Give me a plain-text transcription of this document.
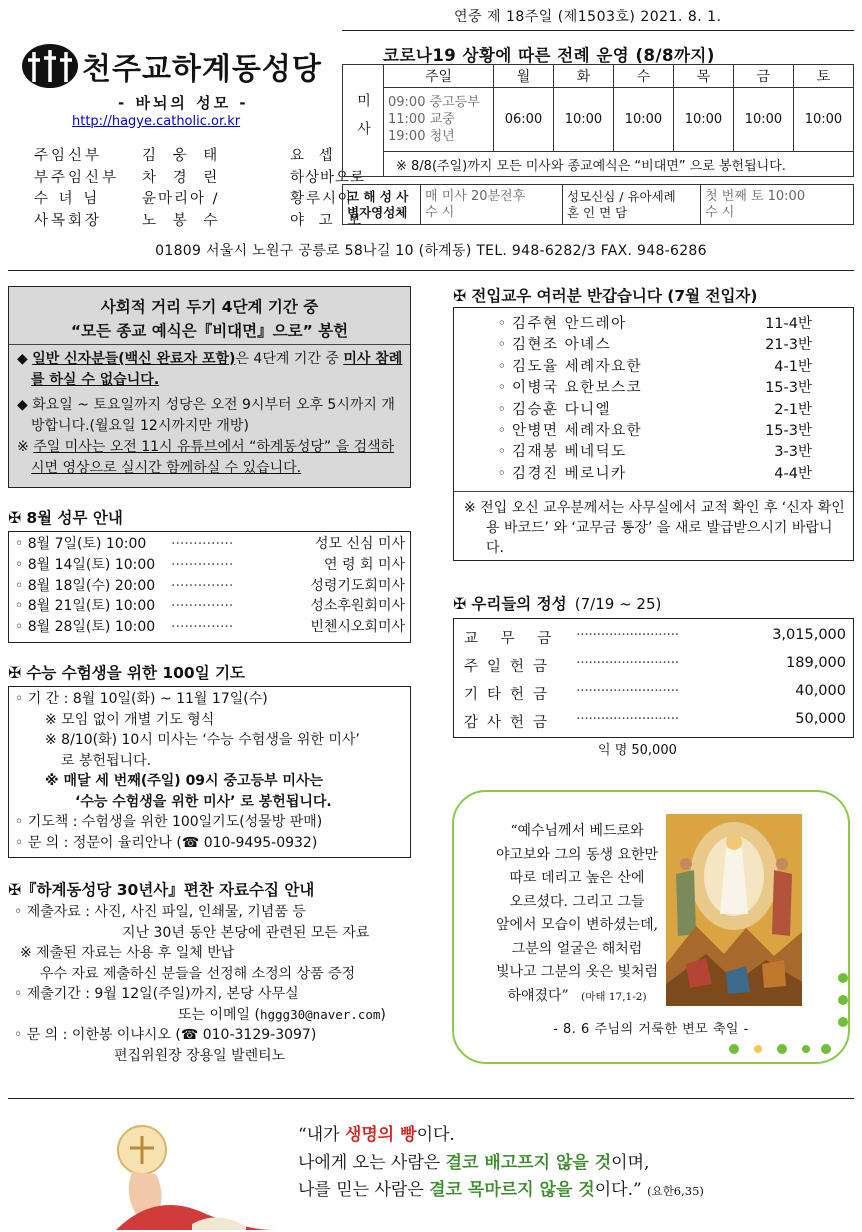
연중 제 18주일 (제1503호) 2021. 8. 1.
천주교하계동성당
- 바뇌의 성모 -
http://hagye.catholic.or.kr
주임신부	김 웅 태	요 셉
부주임신부	차 경 린	하상바오로
수 녀 님	윤마리아 /	황루시아
사목회장	노 봉 수	야 고 보
코로나19 상황에 따른 전례 운영 (8/8까지)
미사	주일	월	화	수	목	금	토

	09:00 중고등부
11:00 교중
19:00 청년	06:00	10:00	10:00	10:00	10:00	10:00
	※ 8/8(주일)까지 모든 미사와 종교예식은 “비대면” 으로 봉헌됩니다.						
고 해 성 사
병자영성체

매 미사 20분전후
수 시

성모신심 / 유아세례
혼 인 면 담

첫 번째 토 10:00
수 시
01809 서울시 노원구 공릉로 58나길 10 (하계동) TEL. 948-6282/3 FAX. 948-6286
사회적 거리 두기 4단계 기간 중
“모든 종교 예식은『비대면』으로” 봉헌

◆ 일반 신자분들(백신 완료자 포함)은 4단계 기간 중 미사 참례를 하실 수 없습니다.

◆ 화요일 ~ 토요일까지 성당은 오전 9시부터 오후 5시까지 개방합니다.(월요일 12시까지만 개방)

※ 주일 미사는 오전 11시 유튜브에서 “하계동성당” 을 검색하시면 영상으로 실시간 함께하실 수 있습니다.

✠ 8월 성무 안내
◦ 8월 7일(토) 10:00	··············	성모 신심 미사
◦ 8월 14일(토) 10:00	··············	연 령 회 미사
◦ 8월 18일(수) 20:00	··············	성령기도회미사
◦ 8월 21일(토) 10:00	··············	성소후원회미사
◦ 8월 28일(토) 10:00	··············	빈첸시오회미사
✠ 수능 수험생을 위한 100일 기도
◦ 기 간 : 8월 10일(화) ~ 11월 17일(수)
※ 모임 없이 개별 기도 형식
※ 8/10(화) 10시 미사는 ‘수능 수험생을 위한 미사’
로 봉헌됩니다.
※ 매달 세 번째(주일) 09시 중고등부 미사는
‘수능 수험생을 위한 미사’ 로 봉헌됩니다.
◦ 기도책 : 수험생을 위한 100일기도(성물방 판매)
◦ 문 의 : 정문이 율리안나 (☎ 010-9495-0932)
✠『하계동성당 30년사』편찬 자료수집 안내
◦ 제출자료 : 사진, 사진 파일, 인쇄물, 기념품 등
지난 30년 동안 본당에 관련된 모든 자료
※ 제출된 자료는 사용 후 일체 반납
우수 자료 제출하신 분들을 선정해 소정의 상품 증정
◦ 제출기간 : 9월 12일(주일)까지, 본당 사무실
또는 이메일 (hggg30@naver.com)
◦ 문 의 : 이한봉 이냐시오 (☎ 010-3129-3097)
편집위원장 장용일 발렌티노
✠ 전입교우 여러분 반갑습니다 (7월 전입자)
◦ 김주현 안드레아	11-4반
◦ 김현조 아녜스	21-3반
◦ 김도율 세례자요한	4-1반
◦ 이병국 요한보스코	15-3반
◦ 김승훈 다니엘	2-1반
◦ 안병면 세례자요한	15-3반
◦ 김재봉 베네딕도	3-3반
◦ 김경진 베로니카	4-4반
※ 전입 오신 교우분께서는 사무실에서 교적 확인 후 ‘신자 확인용 바코드’ 와 ‘교무금 통장’ 을 새로 발급받으시기 바랍니다.
✠ 우리들의 정성 (7/19 ~ 25)
교 무 금	·························	3,015,000
주일헌금	·························	189,000
기타헌금	·························	40,000
감사헌금	·························	50,000
익 명 50,000
“예수님께서 베드로와
야고보와 그의 동생 요한만
따로 데리고 높은 산에
오르셨다. 그리고 그들
앞에서 모습이 변하셨는데,
그분의 얼굴은 해처럼
빛나고 그분의 옷은 빛처럼
하얘졌다” (마태 17,1-2)
- 8. 6 주님의 거룩한 변모 축일 -
“내가 생명의 빵이다.
나에게 오는 사람은 결코 배고프지 않을 것이며,
나를 믿는 사람은 결코 목마르지 않을 것이다.” (요한6,35)
